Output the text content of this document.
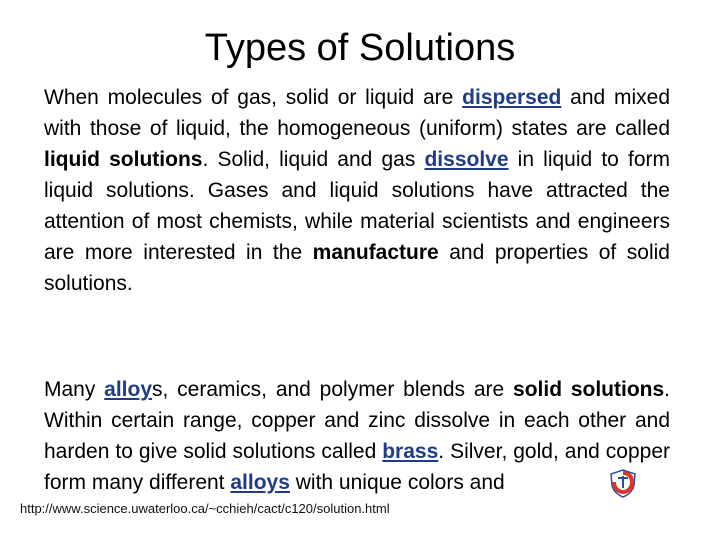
Types of Solutions
When molecules of gas, solid or liquid are dispersed and mixed with those of liquid, the homogeneous (uniform) states are called liquid solutions. Solid, liquid and gas dissolve in liquid to form liquid solutions. Gases and liquid solutions have attracted the attention of most chemists, while material scientists and engineers are more interested in the manufacture and properties of solid solutions.
Many alloys, ceramics, and polymer blends are solid solutions. Within certain range, copper and zinc dissolve in each other and harden to give solid solutions called brass. Silver, gold, and copper form many different alloys with unique colors and
http://www.science.uwaterloo.ca/~cchieh/cact/c120/solution.html
